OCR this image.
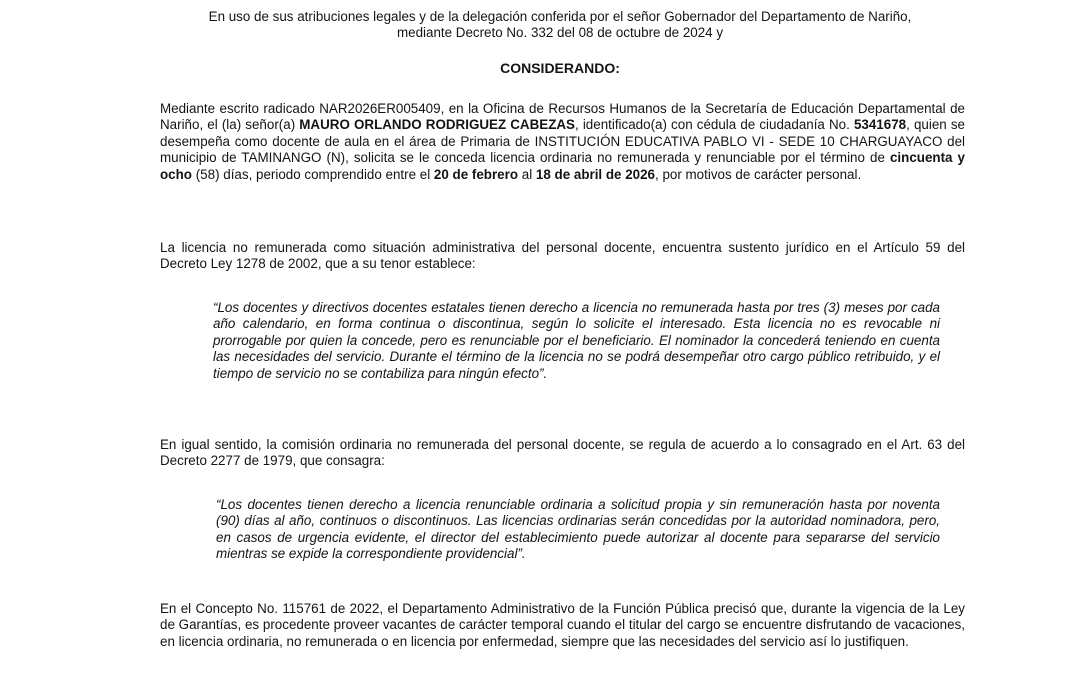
En uso de sus atribuciones legales y de la delegación conferida por el señor Gobernador del Departamento de Nariño,
mediante Decreto No. 332 del 08 de octubre de 2024 y
CONSIDERANDO:

Mediante escrito radicado NAR2026ER005409, en la Oficina de Recursos Humanos de la Secretaría de Educación Departamental de Nariño, el (la) señor(a) MAURO ORLANDO RODRIGUEZ CABEZAS, identificado(a) con cédula de ciudadanía No. 5341678, quien se desempeña como docente de aula en el área de Primaria de INSTITUCIÓN EDUCATIVA PABLO VI - SEDE 10 CHARGUAYACO del municipio de TAMINANGO (N), solicita se le conceda licencia ordinaria no remunerada y renunciable por el término de cincuenta y ocho (58) días, periodo comprendido entre el 20 de febrero al 18 de abril de 2026, por motivos de carácter personal.

La licencia no remunerada como situación administrativa del personal docente, encuentra sustento jurídico en el Artículo 59 del Decreto Ley 1278 de 2002, que a su tenor establece:

“Los docentes y directivos docentes estatales tienen derecho a licencia no remunerada hasta por tres (3) meses por cada año calendario, en forma continua o discontinua, según lo solicite el interesado. Esta licencia no es revocable ni prorrogable por quien la concede, pero es renunciable por el beneficiario. El nominador la concederá teniendo en cuenta las necesidades del servicio. Durante el término de la licencia no se podrá desempeñar otro cargo público retribuido, y el tiempo de servicio no se contabiliza para ningún efecto”.

En igual sentido, la comisión ordinaria no remunerada del personal docente, se regula de acuerdo a lo consagrado en el Art. 63 del Decreto 2277 de 1979, que consagra:

“Los docentes tienen derecho a licencia renunciable ordinaria a solicitud propia y sin remuneración hasta por noventa (90) días al año, continuos o discontinuos. Las licencias ordinarias serán concedidas por la autoridad nominadora, pero, en casos de urgencia evidente, el director del establecimiento puede autorizar al docente para separarse del servicio mientras se expide la correspondiente providencial”.

En el Concepto No. 115761 de 2022, el Departamento Administrativo de la Función Pública precisó que, durante la vigencia de la Ley de Garantías, es procedente proveer vacantes de carácter temporal cuando el titular del cargo se encuentre disfrutando de vacaciones, en licencia ordinaria, no remunerada o en licencia por enfermedad, siempre que las necesidades del servicio así lo justifiquen.
